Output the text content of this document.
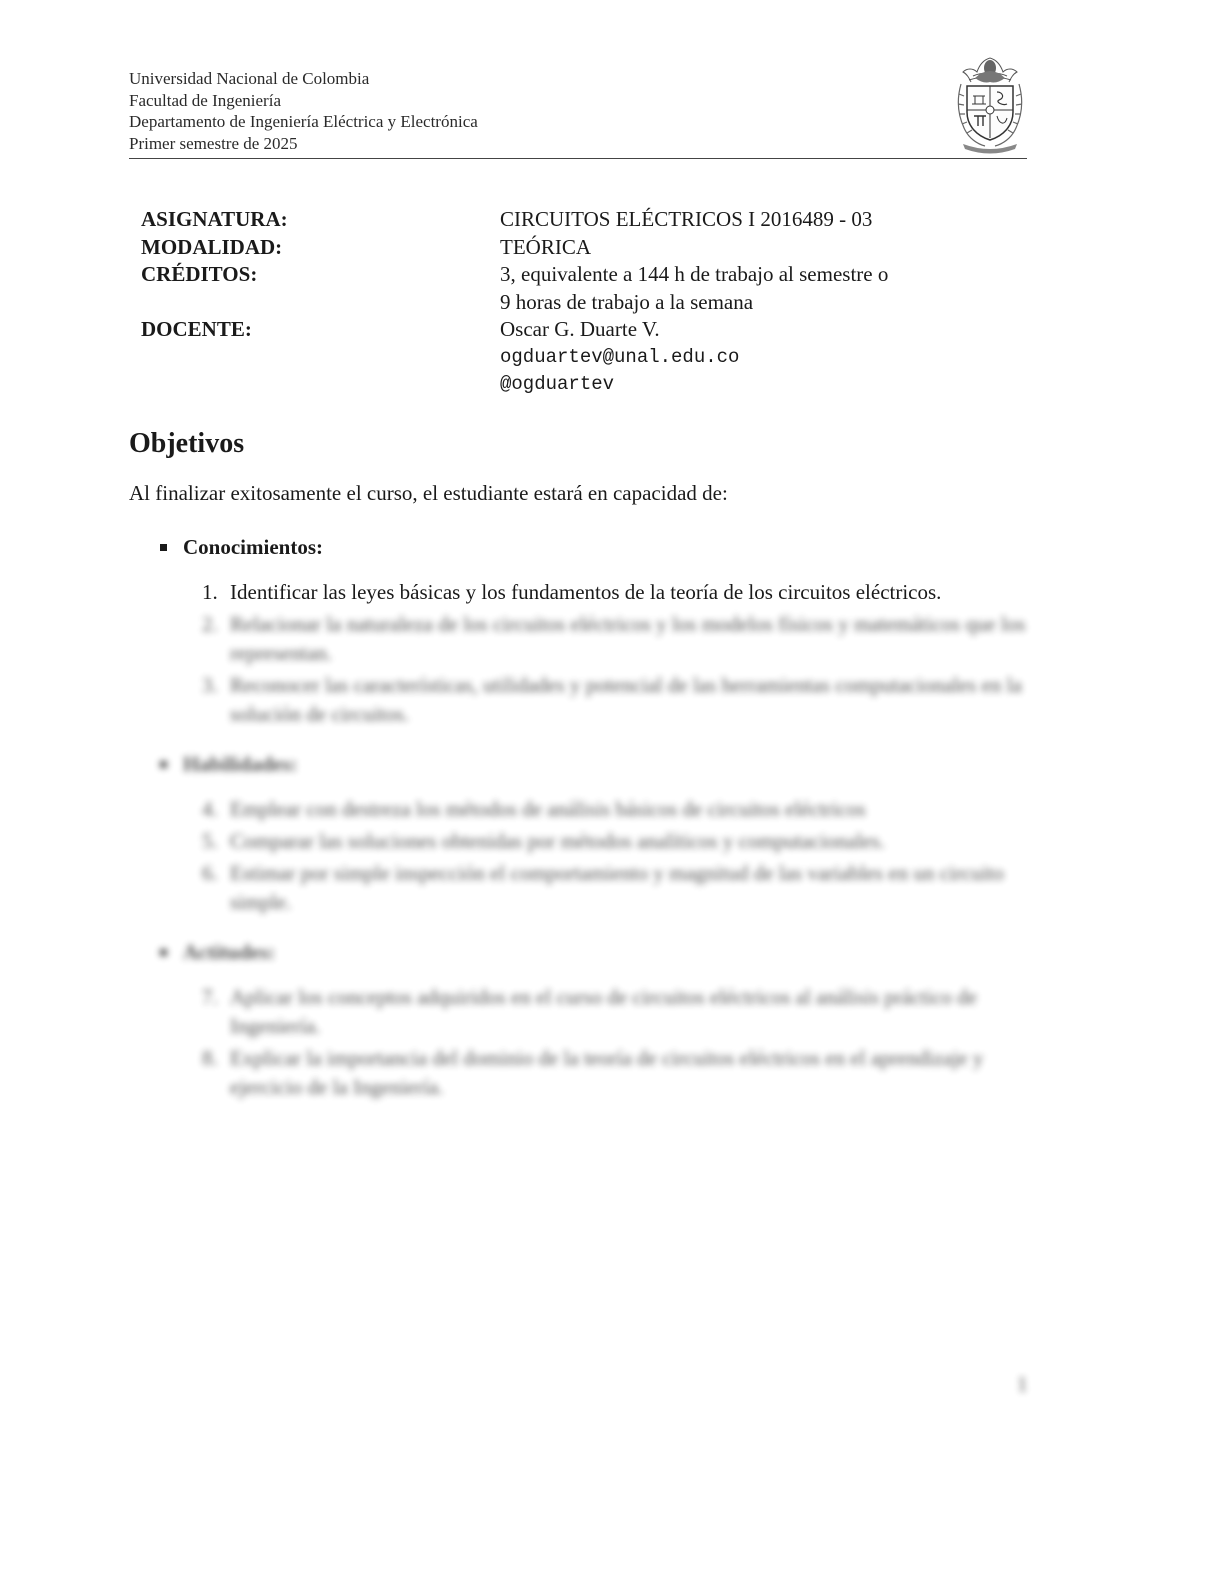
Universidad Nacional de Colombia
Facultad de Ingeniería
Departamento de Ingeniería Eléctrica y Electrónica
Primer semestre de 2025
ASIGNATURA:	CIRCUITOS ELÉCTRICOS I 2016489 - 03
MODALIDAD:	TEÓRICA
CRÉDITOS:	3, equivalente a 144 h de trabajo al semestre o
9 horas de trabajo a la semana
DOCENTE:	Oscar G. Duarte V.
ogduartev@unal.edu.co
@ogduartev
Objetivos

Al finalizar exitosamente el curso, el estudiante estará en capacidad de:

Conocimientos:
1. Identificar las leyes básicas y los fundamentos de la teoría de los circuitos eléctricos.
2. Relacionar la naturaleza de los circuitos eléctricos y los modelos físicos y matemáticos que los representan.
3. Reconocer las características, utilidades y potencial de las herramientas computacionales en la solución de circuitos.
Habilidades:
4. Emplear con destreza los métodos de análisis básicos de circuitos eléctricos
5. Comparar las soluciones obtenidas por métodos analíticos y computacionales.
6. Estimar por simple inspección el comportamiento y magnitud de las variables en un circuito simple.
Actitudes:
7. Aplicar los conceptos adquiridos en el curso de circuitos eléctricos al análisis práctico de Ingeniería.
8. Explicar la importancia del dominio de la teoría de circuitos eléctricos en el aprendizaje y ejercicio de la Ingeniería.
1
